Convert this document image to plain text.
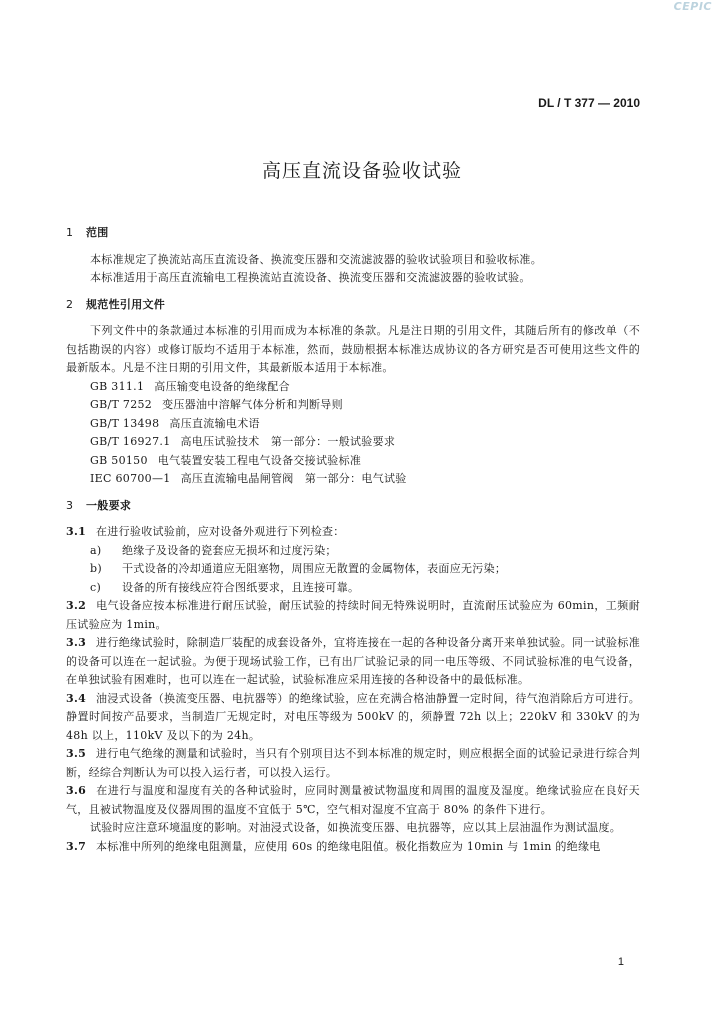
CEPIC
DL / T 377 — 2010
高压直流设备验收试验

1 范围

本标准规定了换流站高压直流设备、换流变压器和交流滤波器的验收试验项目和验收标准。

本标准适用于高压直流输电工程换流站直流设备、换流变压器和交流滤波器的验收试验。

2 规范性引用文件

下列文件中的条款通过本标准的引用而成为本标准的条款。凡是注日期的引用文件，其随后所有的修改单（不包括勘误的内容）或修订版均不适用于本标准，然而，鼓励根据本标准达成协议的各方研究是否可使用这些文件的最新版本。凡是不注日期的引用文件，其最新版本适用于本标准。

GB 311.1 高压输变电设备的绝缘配合
GB/T 7252 变压器油中溶解气体分析和判断导则
GB/T 13498 高压直流输电术语
GB/T 16927.1 高电压试验技术　第一部分：一般试验要求
GB 50150 电气装置安装工程电气设备交接试验标准
IEC 60700—1 高压直流输电晶闸管阀　第一部分：电气试验

3 一般要求

3.1 在进行验收试验前，应对设备外观进行下列检查：

a) 绝缘子及设备的瓷套应无损坏和过度污染；

b) 干式设备的冷却通道应无阻塞物，周围应无散置的金属物体，表面应无污染；

c) 设备的所有接线应符合图纸要求，且连接可靠。

3.2 电气设备应按本标准进行耐压试验，耐压试验的持续时间无特殊说明时，直流耐压试验应为 60min，工频耐压试验应为 1min。

3.3 进行绝缘试验时，除制造厂装配的成套设备外，宜将连接在一起的各种设备分离开来单独试验。同一试验标准的设备可以连在一起试验。为便于现场试验工作，已有出厂试验记录的同一电压等级、不同试验标准的电气设备，在单独试验有困难时，也可以连在一起试验，试验标准应采用连接的各种设备中的最低标准。

3.4 油浸式设备（换流变压器、电抗器等）的绝缘试验，应在充满合格油静置一定时间，待气泡消除后方可进行。静置时间按产品要求，当制造厂无规定时，对电压等级为 500kV 的，须静置 72h 以上；220kV 和 330kV 的为 48h 以上，110kV 及以下的为 24h。

3.5 进行电气绝缘的测量和试验时，当只有个别项目达不到本标准的规定时，则应根据全面的试验记录进行综合判断，经综合判断认为可以投入运行者，可以投入运行。

3.6 在进行与温度和湿度有关的各种试验时，应同时测量被试物温度和周围的温度及湿度。绝缘试验应在良好天气，且被试物温度及仪器周围的温度不宜低于 5℃，空气相对湿度不宜高于 80% 的条件下进行。

试验时应注意环境温度的影响。对油浸式设备，如换流变压器、电抗器等，应以其上层油温作为测试温度。

3.7 本标准中所列的绝缘电阻测量，应使用 60s 的绝缘电阻值。极化指数应为 10min 与 1min 的绝缘电

1
